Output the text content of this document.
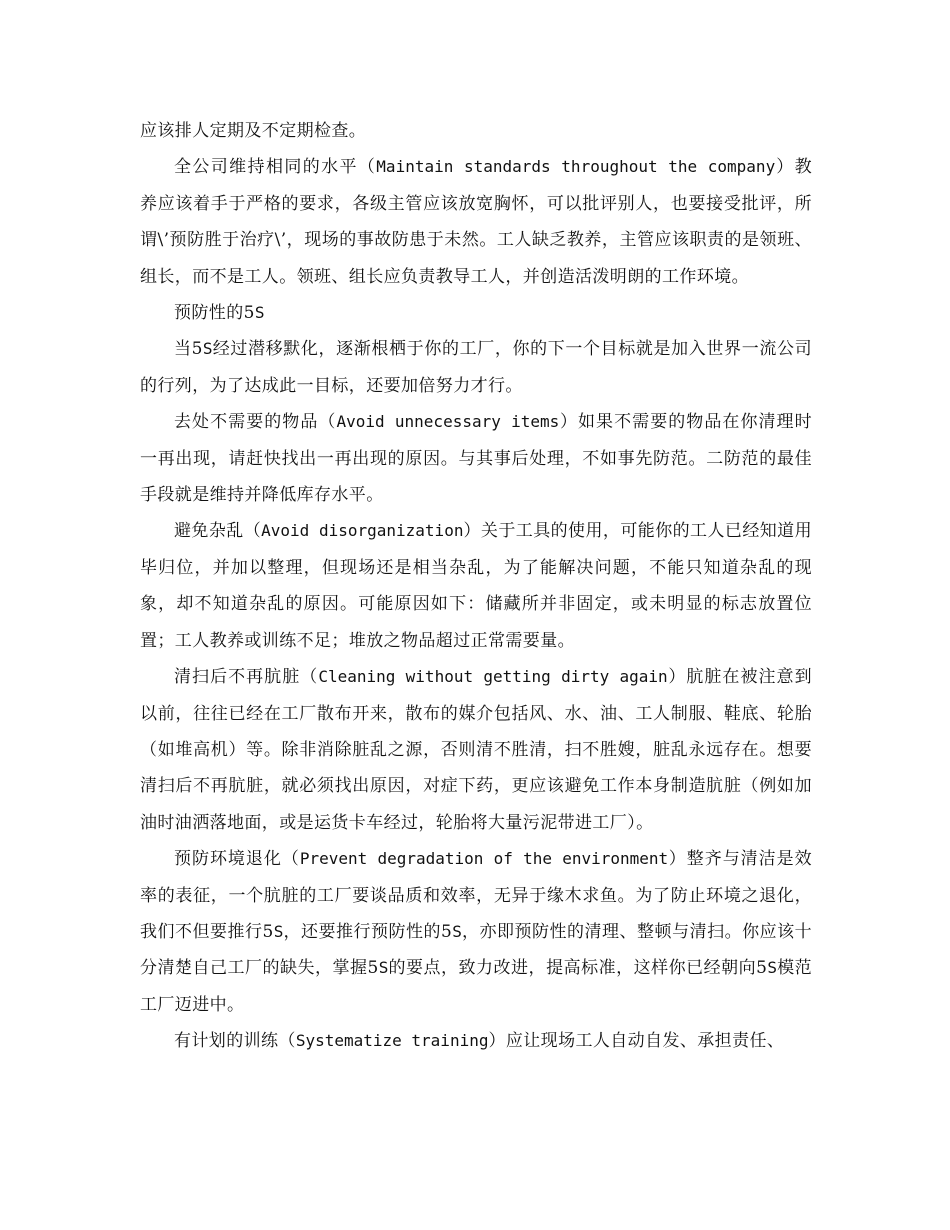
应该排人定期及不定期检查。

全公司维持相同的水平（Maintain standards throughout the company）教养应该着手于严格的要求，各级主管应该放宽胸怀，可以批评别人，也要接受批评，所谓\’预防胜于治疗\’，现场的事故防患于未然。工人缺乏教养，主管应该职责的是领班、组长，而不是工人。领班、组长应负责教导工人，并创造活泼明朗的工作环境。

预防性的5S

当5S经过潜移默化，逐渐根栖于你的工厂，你的下一个目标就是加入世界一流公司的行列，为了达成此一目标，还要加倍努力才行。

去处不需要的物品（Avoid unnecessary items）如果不需要的物品在你清理时一再出现，请赶快找出一再出现的原因。与其事后处理，不如事先防范。二防范的最佳手段就是维持并降低库存水平。

避免杂乱（Avoid disorganization）关于工具的使用，可能你的工人已经知道用毕归位，并加以整理，但现场还是相当杂乱，为了能解决问题，不能只知道杂乱的现象，却不知道杂乱的原因。可能原因如下：储藏所并非固定，或未明显的标志放置位置；工人教养或训练不足；堆放之物品超过正常需要量。

清扫后不再肮脏（Cleaning without getting dirty again）肮脏在被注意到以前，往往已经在工厂散布开来，散布的媒介包括风、水、油、工人制服、鞋底、轮胎（如堆高机）等。除非消除脏乱之源，否则清不胜清，扫不胜嫂，脏乱永远存在。想要清扫后不再肮脏，就必须找出原因，对症下药，更应该避免工作本身制造肮脏（例如加油时油洒落地面，或是运货卡车经过，轮胎将大量污泥带进工厂）。

预防环境退化（Prevent degradation of the environment）整齐与清洁是效率的表征，一个肮脏的工厂要谈品质和效率，无异于缘木求鱼。为了防止环境之退化，我们不但要推行5S，还要推行预防性的5S，亦即预防性的清理、整顿与清扫。你应该十分清楚自己工厂的缺失，掌握5S的要点，致力改进，提高标准，这样你已经朝向5S模范工厂迈进中。

有计划的训练（Systematize training）应让现场工人自动自发、承担责任、
